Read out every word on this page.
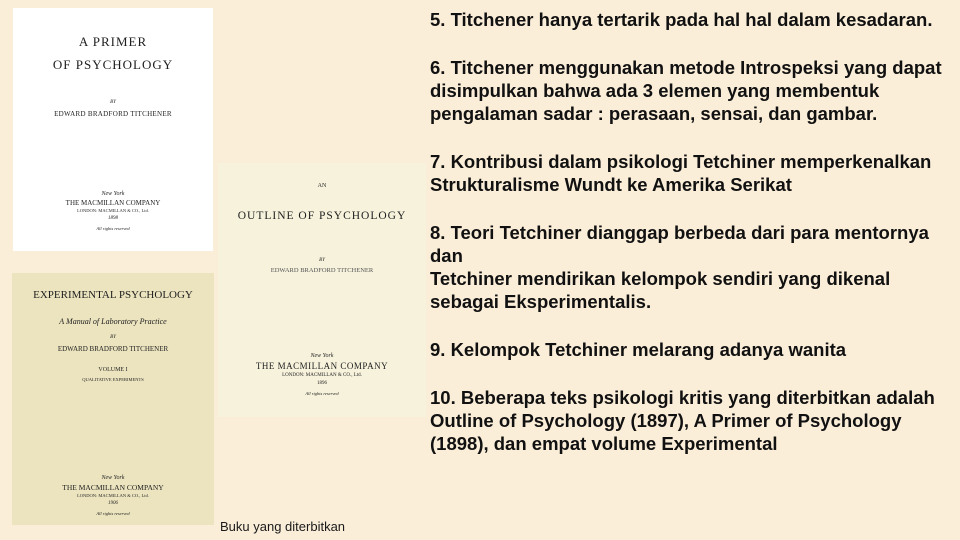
A PRIMER
OF PSYCHOLOGY
BY
EDWARD BRADFORD TITCHENER
New York
THE MACMILLAN COMPANY
LONDON: MACMILLAN & CO., Ltd.
1898
All rights reserved
AN
OUTLINE OF PSYCHOLOGY
BY
EDWARD BRADFORD TITCHENER
New York
THE MACMILLAN COMPANY
LONDON: MACMILLAN & CO., Ltd.
1896
All rights reserved
EXPERIMENTAL PSYCHOLOGY
A Manual of Laboratory Practice
BY
EDWARD BRADFORD TITCHENER
VOLUME I
QUALITATIVE EXPERIMENTS
New York
THE MACMILLAN COMPANY
LONDON: MACMILLAN & CO., Ltd.
1906
All rights reserved
Buku yang diterbitkan
5. Titchener hanya tertarik pada hal hal dalam kesadaran.
6. Titchener menggunakan metode Introspeksi yang dapat disimpulkan bahwa ada 3 elemen yang membentuk pengalaman sadar : perasaan, sensai, dan gambar.
7. Kontribusi dalam psikologi Tetchiner memperkenalkan Strukturalisme Wundt ke Amerika Serikat
8. Teori Tetchiner dianggap berbeda dari para mentornya dan
Tetchiner mendirikan kelompok sendiri yang dikenal sebagai Eksperimentalis.
9. Kelompok Tetchiner melarang adanya wanita
10. Beberapa teks psikologi kritis yang diterbitkan adalah Outline of Psychology (1897), A Primer of Psychology (1898), dan empat volume Experimental
